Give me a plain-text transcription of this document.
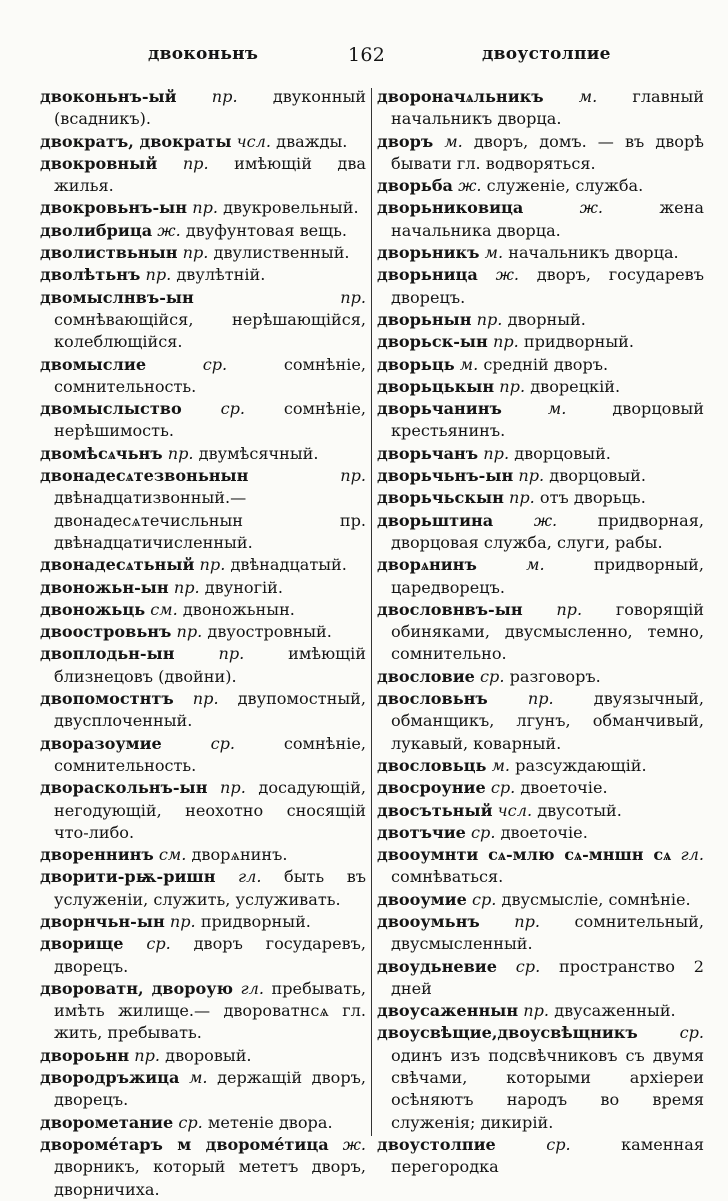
двоконьнъ	162	двоустолпие

двоконьнъ-ый пр. двуконный (всадникъ).

двократъ, двократы чсл. дважды.

двокровный пр. имѣющій два жилья.

двокровьнъ-ын пр. двукровельный.

дволибрица ж. двуфунтовая вещь.

дволиствьнын пр. двулиственный.

дволѣтьнъ пр. двулѣтній.

двомыслнвъ-ын	пр. сомнѣвающійся, нерѣшающійся, колеблющійся.

двомыслие	ср.	сомнѣніе, сомнительность.

двомыслыство ср. сомнѣніе, нерѣшимость.

двомѣсѧчьнъ пр. двумѣсячный.

двонадесѧтезвоньнын	пр. двѣнадцатизвонный.— двонадесѧтечисльнын пр. двѣнадцатичисленный.

двонадесѧтьный пр. двѣнадцатый.

двоножьн-ын пр. двуногій.

двоножьць см. двоножьнын.

двоостровьнъ пр. двуостровный.

двоплодьн-ын	пр.	имѣющій близнецовъ (двойни).

двопомостнтъ пр. двупомостный, двусплоченный.

дворазоумие	ср.	сомнѣніе, сомнительность.

двораскольнъ-ын пр. досадующій, негодующій, неохотно сносящій что-либо.

двореннинъ см. дворѧнинъ.

дворити-рѭ-ришн гл. быть въ услуженіи, служить, услуживать.

дворнчьн-ын пр. придворный.

дворище ср. дворъ государевъ, дворецъ.

двороватн, двороую гл. пребывать, имѣть жилище.— двороватнсѧ гл. жить, пребывать.

двороьнн пр. дворовый.

двородръжица м. держащій дворъ, дворецъ.

дворометание ср. метеніе двора.

двороме́таръ м двороме́тица ж. дворникъ, который мететъ дворъ, дворничиха.

двороначѧльникъ м. главный начальникъ дворца.

дворъ м. дворъ, домъ. — въ дворѣ бывати гл. водворяться.

дворьба ж. служеніе, служба.

дворьниковица	ж.	жена начальника дворца.

дворьникъ м. начальникъ дворца.

дворьница ж. дворъ, государевъ дворецъ.

дворьнын пр. дворный.

дворьск-ын пр. придворный.

дворьць м. средній дворъ.

дворьцькын пр. дворецкій.

дворьчанинъ	м.	дворцовый крестьянинъ.

дворьчанъ пр. дворцовый.

дворьчьнъ-ын пр. дворцовый.

дворьчьскын пр. отъ дворьць.

дворьштина	ж.	придворная, дворцовая служба, слуги, рабы.

дворѧнинъ	м.	придворный, царедворецъ.

двословнвъ-ын пр. говорящій обиняками, двусмысленно, темно, сомнительно.

двословие ср. разговоръ.

двословьнъ пр. двуязычный, обманщикъ, лгунъ, обманчивый, лукавый, коварный.

двословьць м. разсуждающій.

двосроуние ср. двоеточіе.

двосътьный чсл. двусотый.

двотъчие ср. двоеточіе.

двооумнти сѧ-млю сѧ-мншн сѧ гл. сомнѣваться.

двооумие ср. двусмысліе, сомнѣніе.

двооумьнъ пр. сомнительный, двусмысленный.

двоудьневие ср. пространство 2 дней

двоусаженнын пр. двусаженный.

двоусвѣщие,двоусвѣщникъ	ср. одинъ изъ подсвѣчниковъ съ двумя свѣчами, которыми архіереи осѣняютъ народъ во время служенія; дикирій.

двоустолпие	ср.	каменная перегородка
